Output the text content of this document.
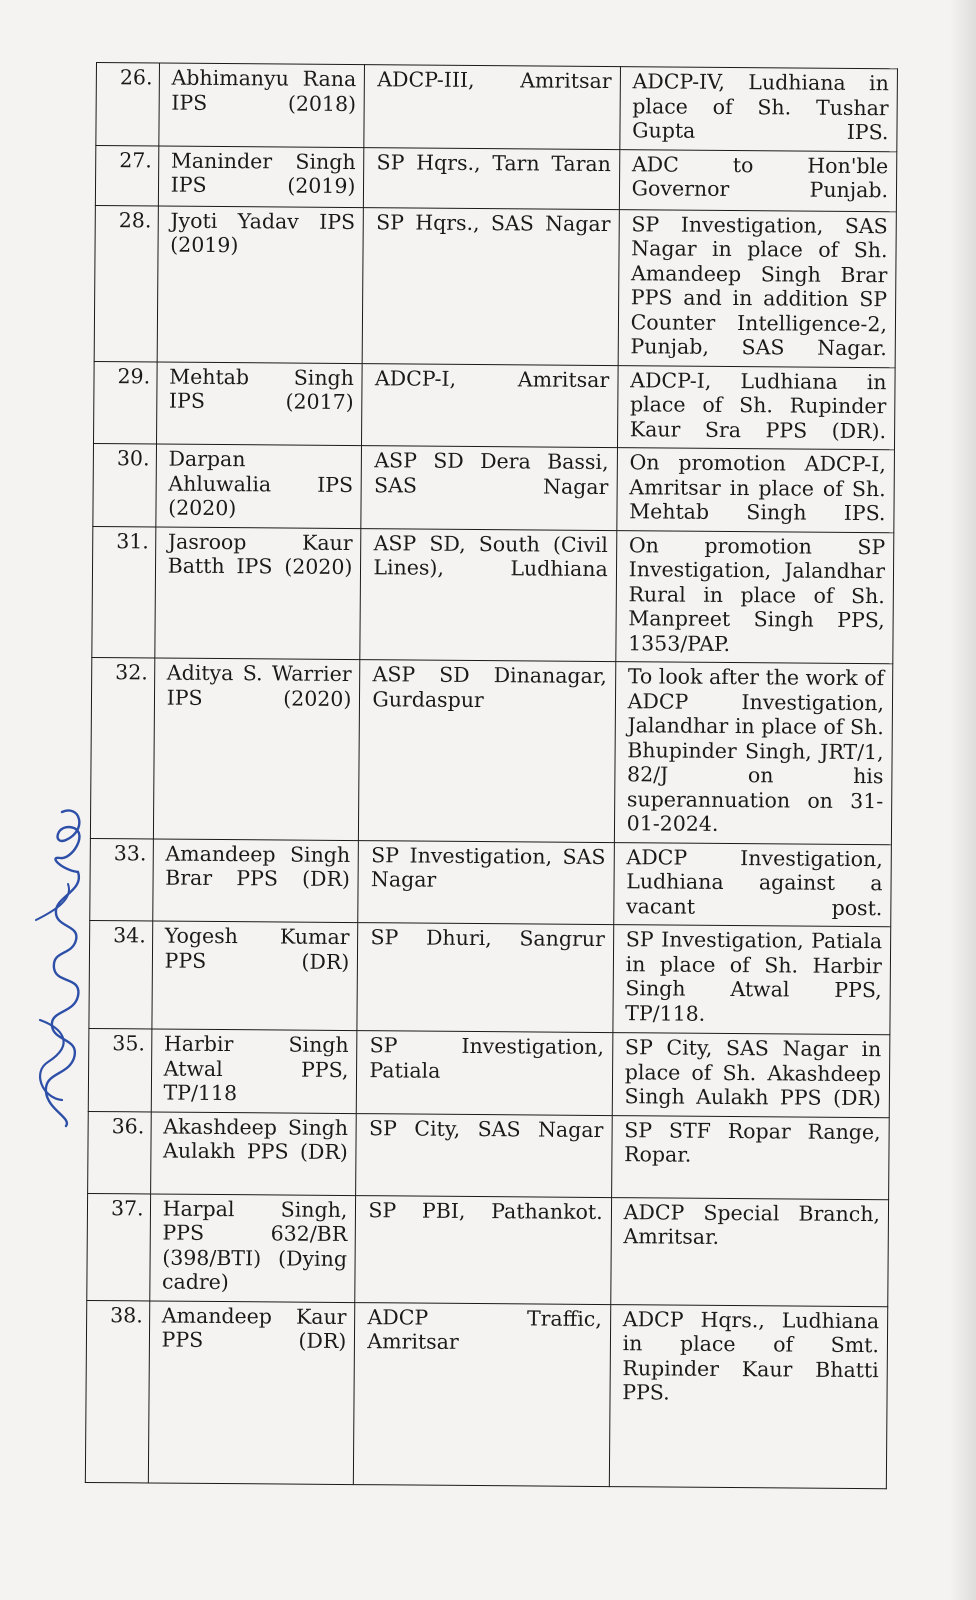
26.	Abhimanyu Rana IPS (2018)	ADCP-III, Amritsar	ADCP-IV, Ludhiana in place of Sh. Tushar Gupta IPS.
27.	Maninder Singh IPS (2019)	SP Hqrs., Tarn Taran	ADC to Hon'ble Governor Punjab.
28.	Jyoti Yadav IPS (2019)	SP Hqrs., SAS Nagar	SP Investigation, SAS Nagar in place of Sh. Amandeep Singh Brar PPS and in addition SP Counter Intelligence-2, Punjab, SAS Nagar.
29.	Mehtab Singh IPS (2017)	ADCP-I, Amritsar	ADCP-I, Ludhiana in place of Sh. Rupinder Kaur Sra PPS (DR).
30.	Darpan Ahluwalia IPS (2020)	ASP SD Dera Bassi, SAS Nagar	On promotion ADCP-I, Amritsar in place of Sh. Mehtab Singh IPS.
31.	Jasroop Kaur Batth IPS (2020)	ASP SD, South (Civil Lines), Ludhiana	On promotion SP Investigation, Jalandhar Rural in place of Sh. Manpreet Singh PPS, 1353/PAP.
32.	Aditya S. Warrier IPS (2020)	ASP SD Dinanagar, Gurdaspur	To look after the work of ADCP Investigation, Jalandhar in place of Sh. Bhupinder Singh, JRT/1, 82/J on his superannuation on 31-01-2024.
33.	Amandeep Singh Brar PPS (DR)	SP Investigation, SAS Nagar	ADCP Investigation, Ludhiana against a vacant post.
34.	Yogesh Kumar PPS (DR)	SP Dhuri, Sangrur	SP Investigation, Patiala in place of Sh. Harbir Singh Atwal PPS, TP/118.
35.	Harbir Singh Atwal PPS, TP/118	SP Investigation, Patiala	SP City, SAS Nagar in place of Sh. Akashdeep Singh Aulakh PPS (DR)
36.	Akashdeep Singh Aulakh PPS (DR)	SP City, SAS Nagar	SP STF Ropar Range, Ropar.
37.	Harpal Singh, PPS 632/BR (398/BTI) (Dying cadre)	SP PBI, Pathankot.	ADCP Special Branch, Amritsar.
38.	Amandeep Kaur PPS (DR)	ADCP Traffic, Amritsar	ADCP Hqrs., Ludhiana in place of Smt. Rupinder Kaur Bhatti PPS.
